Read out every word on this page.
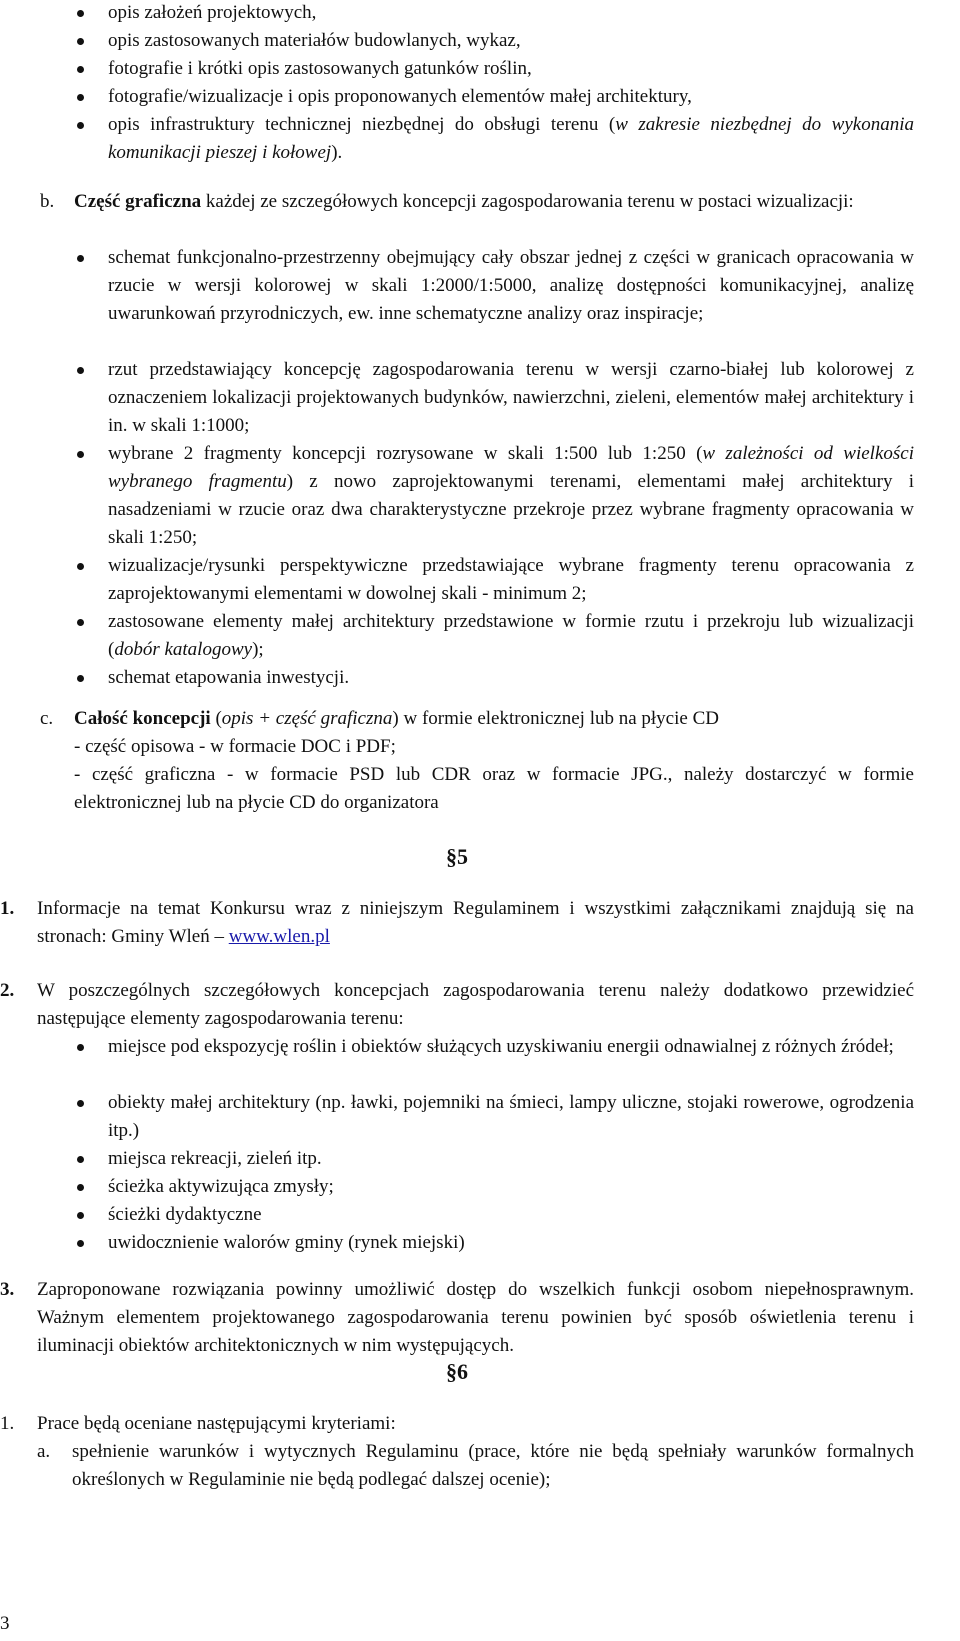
opis założeń projektowych,
opis zastosowanych materiałów budowlanych, wykaz,
fotografie i krótki opis zastosowanych gatunków roślin,
fotografie/wizualizacje i opis proponowanych elementów małej architektury,
opis infrastruktury technicznej niezbędnej do obsługi terenu (w zakresie niezbędnej do wykonania komunikacji pieszej i kołowej).
b. Część graficzna każdej ze szczegółowych koncepcji zagospodarowania terenu w postaci wizualizacji:
schemat funkcjonalno-przestrzenny obejmujący cały obszar jednej z części w granicach opracowania w rzucie w wersji kolorowej w skali 1:2000/1:5000, analizę dostępności komunikacyjnej, analizę uwarunkowań przyrodniczych, ew. inne schematyczne analizy oraz inspiracje;
rzut przedstawiający koncepcję zagospodarowania terenu w wersji czarno-białej lub kolorowej z oznaczeniem lokalizacji projektowanych budynków, nawierzchni, zieleni, elementów małej architektury i in. w skali 1:1000;
wybrane 2 fragmenty koncepcji rozrysowane w skali 1:500 lub 1:250 (w zależności od wielkości wybranego fragmentu) z nowo zaprojektowanymi terenami, elementami małej architektury i nasadzeniami w rzucie oraz dwa charakterystyczne przekroje przez wybrane fragmenty opracowania w skali 1:250;
wizualizacje/rysunki perspektywiczne przedstawiające wybrane fragmenty terenu opracowania z zaprojektowanymi elementami w dowolnej skali - minimum 2;
zastosowane elementy małej architektury przedstawione w formie rzutu i przekroju lub wizualizacji (dobór katalogowy);
schemat etapowania inwestycji.
c. Całość koncepcji (opis + część graficzna) w formie elektronicznej lub na płycie CD
- część opisowa - w formacie DOC i PDF;
- część graficzna - w formacie PSD lub CDR oraz w formacie JPG., należy dostarczyć w formie elektronicznej lub na płycie CD do organizatora
§5
1. Informacje na temat Konkursu wraz z niniejszym Regulaminem i wszystkimi załącznikami znajdują się na stronach: Gminy Wleń – www.wlen.pl
2. W poszczególnych szczegółowych koncepcjach zagospodarowania terenu należy dodatkowo przewidzieć następujące elementy zagospodarowania terenu:
miejsce pod ekspozycję roślin i obiektów służących uzyskiwaniu energii odnawialnej z różnych źródeł;
obiekty małej architektury (np. ławki, pojemniki na śmieci, lampy uliczne, stojaki rowerowe, ogrodzenia itp.)
miejsca rekreacji, zieleń itp.
ścieżka aktywizująca zmysły;
ścieżki dydaktyczne
uwidocznienie walorów gminy (rynek miejski)
3. Zaproponowane rozwiązania powinny umożliwić dostęp do wszelkich funkcji osobom niepełnosprawnym. Ważnym elementem projektowanego zagospodarowania terenu powinien być sposób oświetlenia terenu i iluminacji obiektów architektonicznych w nim występujących.
§6
1. Prace będą oceniane następującymi kryteriami:
a. spełnienie warunków i wytycznych Regulaminu (prace, które nie będą spełniały warunków formalnych określonych w Regulaminie nie będą podlegać dalszej ocenie);
3
